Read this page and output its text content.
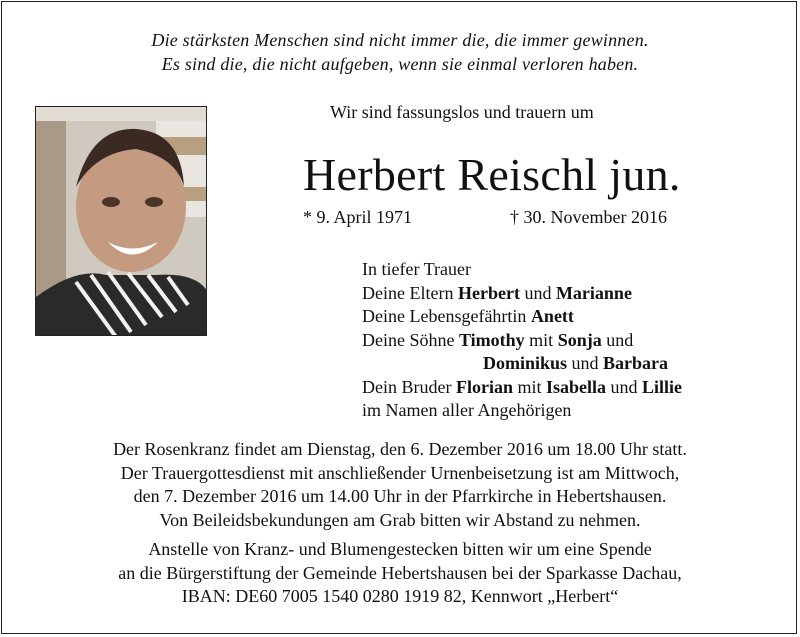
Die stärksten Menschen sind nicht immer die, die immer gewinnen.
Es sind die, die nicht aufgeben, wenn sie einmal verloren haben.
Wir sind fassungslos und trauern um
Herbert Reischl jun.
* 9. April 1971	† 30. November 2016
In tiefer Trauer
Deine Eltern Herbert und Marianne
Deine Lebensgefährtin Anett
Deine Söhne Timothy mit Sonja und
Dominikus und Barbara
Dein Bruder Florian mit Isabella und Lillie
im Namen aller Angehörigen
Der Rosenkranz findet am Dienstag, den 6. Dezember 2016 um 18.00 Uhr statt.
Der Trauergottesdienst mit anschließender Urnenbeisetzung ist am Mittwoch,
den 7. Dezember 2016 um 14.00 Uhr in der Pfarrkirche in Hebertshausen.
Von Beileidsbekundungen am Grab bitten wir Abstand zu nehmen.
Anstelle von Kranz- und Blumengestecken bitten wir um eine Spende
an die Bürgerstiftung der Gemeinde Hebertshausen bei der Sparkasse Dachau,
IBAN: DE60 7005 1540 0280 1919 82, Kennwort „Herbert“
